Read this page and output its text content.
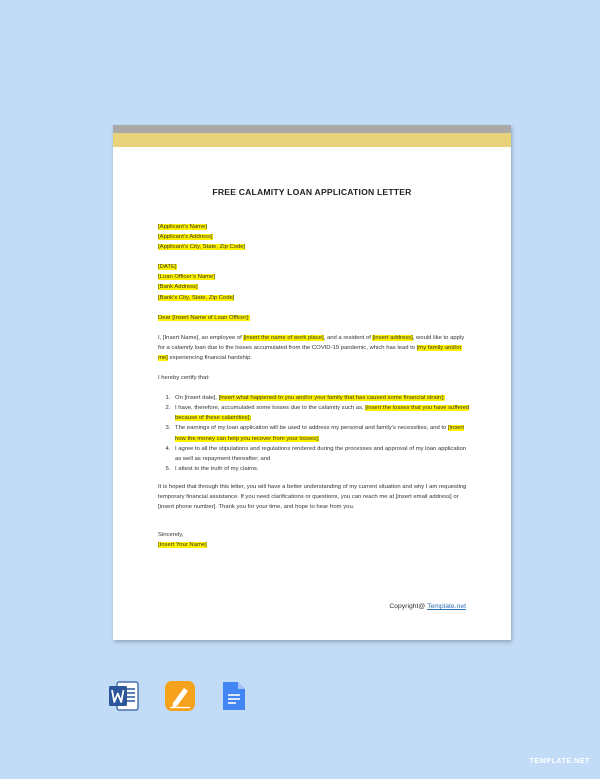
FREE CALAMITY LOAN APPLICATION LETTER
[Applicant’s Name]
[Applicant’s Address]
[Applicant’s City, State, Zip Code]
[DATE]
[Loan Officer’s Name]
[Bank Address]
[Bank’s City, State, Zip Code]
Dear [Insert Name of Loan Officer]:

I, [Insert Name], an employee of [insert the name of work place], and a resident of [insert address], would like to apply for a calamity loan due to the losses accumulated from the COVID-19 pandemic, which has lead to [my family and/or me] experiencing financial hardship.

I hereby certify that:

1. On [insert date], [insert what happened to you and/or your family that has caused some financial strain];
2. I have, therefore, accumulated some losses due to the calamity such as, [insert the losses that you have suffered because of these calamities];
3. The earnings of my loan application will be used to address my personal and family’s necessities, and to [insert how the money can help you recover from your losses];
4. I agree to all the stipulations and regulations rendered during the processes and approval of my loan application as well as repayment thereafter; and
5. I attest to the truth of my claims.

It is hoped that through this letter, you will have a better understanding of my current situation and why I am requesting temporary financial assistance. If you need clarifications or questions, you can reach me at [insert email address] or [insert phone number]. Thank you for your time, and hope to hear from you.

Sincerely,
[Insert Your Name]
Copyright@ Template.net
TEMPLATE.NET
